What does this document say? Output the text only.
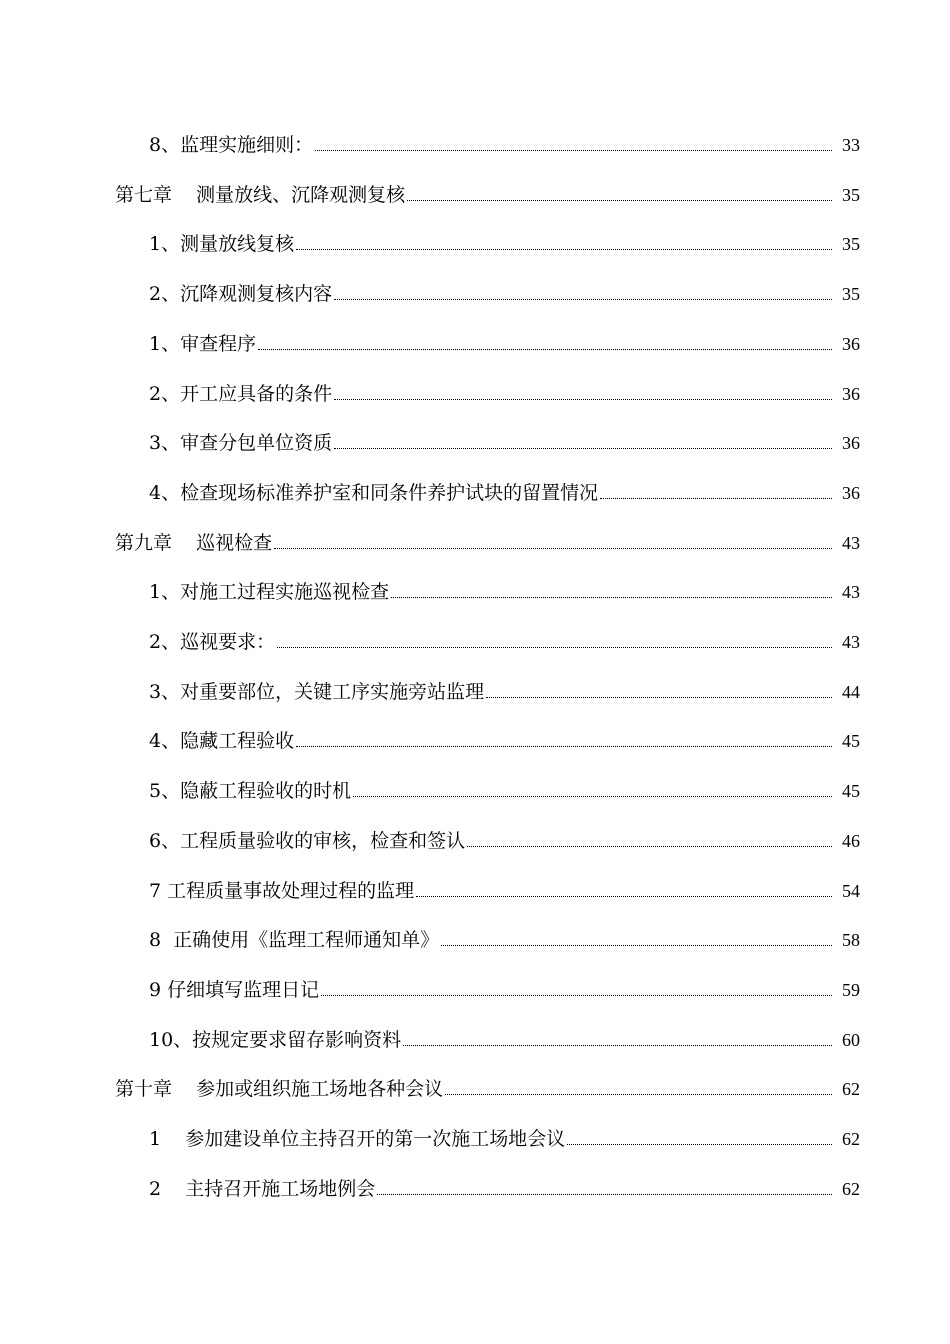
8、监理实施细则：	33
第七章    测量放线、沉降观测复核	35
1、测量放线复核	35
2、沉降观测复核内容	35
1、审查程序	36
2、开工应具备的条件	36
3、审查分包单位资质	36
4、检查现场标准养护室和同条件养护试块的留置情况	36
第九章    巡视检查	43
1、对施工过程实施巡视检查	43
2、巡视要求：	43
3、对重要部位，关键工序实施旁站监理	44
4、隐藏工程验收	45
5、隐蔽工程验收的时机	45
6、工程质量验收的审核，检查和签认	46
7 工程质量事故处理过程的监理	54
8  正确使用《监理工程师通知单》	58
9 仔细填写监理日记	59
10、按规定要求留存影响资料	60
第十章    参加或组织施工场地各种会议	62
1    参加建设单位主持召开的第一次施工场地会议	62
2    主持召开施工场地例会	62
